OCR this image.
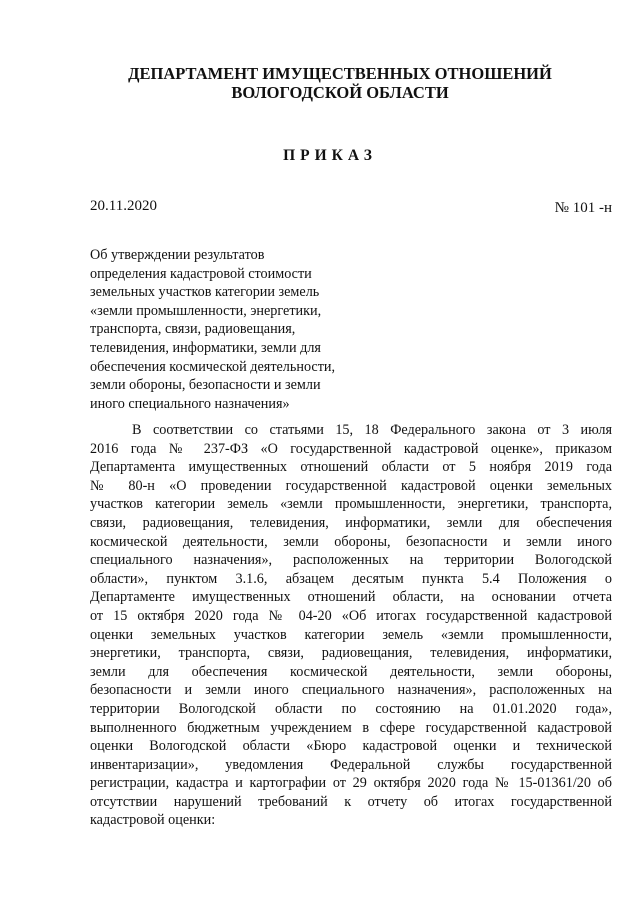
ДЕПАРТАМЕНТ ИМУЩЕСТВЕННЫХ ОТНОШЕНИЙ
ВОЛОГОДСКОЙ ОБЛАСТИ
ПРИКАЗ
20.11.2020	№ 101 -н
Об утверждении результатов
определения кадастровой стоимости
земельных участков категории земель
«земли промышленности, энергетики,
транспорта, связи, радиовещания,
телевидения, информатики, земли для
обеспечения космической деятельности,
земли обороны, безопасности и земли
иного специального назначения»
В соответствии со статьями 15, 18 Федерального закона от 3 июля
2016 года № 237-ФЗ «О государственной кадастровой оценке», приказом
Департамента имущественных отношений области от 5 ноября 2019 года
№ 80-н «О проведении государственной кадастровой оценки земельных
участков категории земель «земли промышленности, энергетики, транспорта,
связи, радиовещания, телевидения, информатики, земли для обеспечения
космической деятельности, земли обороны, безопасности и земли иного
специального назначения», расположенных на территории Вологодской
области», пунктом 3.1.6, абзацем десятым пункта 5.4 Положения о
Департаменте имущественных отношений области, на основании отчета
от 15 октября 2020 года № 04-20 «Об итогах государственной кадастровой
оценки земельных участков категории земель «земли промышленности,
энергетики, транспорта, связи, радиовещания, телевидения, информатики,
земли для обеспечения космической деятельности, земли обороны,
безопасности и земли иного специального назначения», расположенных на
территории Вологодской области по состоянию на 01.01.2020 года»,
выполненного бюджетным учреждением в сфере государственной кадастровой
оценки Вологодской области «Бюро кадастровой оценки и технической
инвентаризации», уведомления Федеральной службы государственной
регистрации, кадастра и картографии от 29 октября 2020 года № 15-01361/20 об
отсутствии нарушений требований к отчету об итогах государственной
кадастровой оценки:
